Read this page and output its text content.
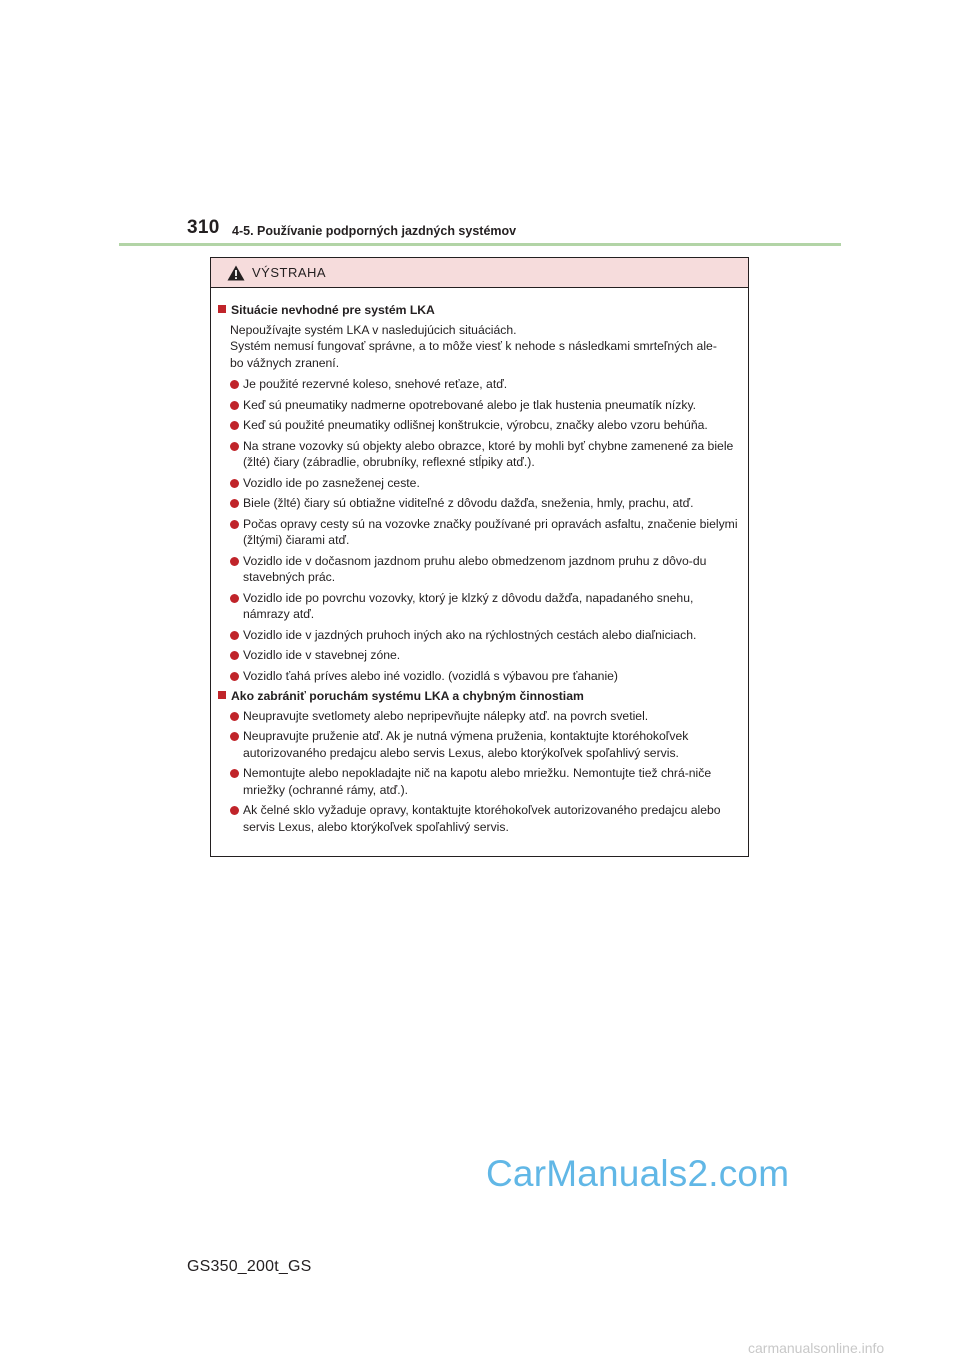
310 4-5. Používanie podporných jazdných systémov
VÝSTRAHA
Situácie nevhodné pre systém LKA
Nepoužívajte systém LKA v nasledujúcich situáciách.
Systém nemusí fungovať správne, a to môže viesť k nehode s následkami smrteľných ale-
bo vážnych zranení.
Je použité rezervné koleso, snehové reťaze, atď.
Keď sú pneumatiky nadmerne opotrebované alebo je tlak hustenia pneumatík nízky.
Keď sú použité pneumatiky odlišnej konštrukcie, výrobcu, značky alebo vzoru behúňa.
Na strane vozovky sú objekty alebo obrazce, ktoré by mohli byť chybne zamenené za biele (žlté) čiary (zábradlie, obrubníky, reflexné stĺpiky atď.).
Vozidlo ide po zasneženej ceste.
Biele (žlté) čiary sú obtiažne viditeľné z dôvodu dažďa, sneženia, hmly, prachu, atď.
Počas opravy cesty sú na vozovke značky používané pri opravách asfaltu, značenie bielymi (žltými) čiarami atď.
Vozidlo ide v dočasnom jazdnom pruhu alebo obmedzenom jazdnom pruhu z dôvo-du stavebných prác.
Vozidlo ide po povrchu vozovky, ktorý je klzký z dôvodu dažďa, napadaného snehu, námrazy atď.
Vozidlo ide v jazdných pruhoch iných ako na rýchlostných cestách alebo diaľniciach.
Vozidlo ide v stavebnej zóne.
Vozidlo ťahá príves alebo iné vozidlo. (vozidlá s výbavou pre ťahanie)
Ako zabrániť poruchám systému LKA a chybným činnostiam
Neupravujte svetlomety alebo nepripevňujte nálepky atď. na povrch svetiel.
Neupravujte pruženie atď. Ak je nutná výmena pruženia, kontaktujte ktoréhokoľvek autorizovaného predajcu alebo servis Lexus, alebo ktorýkoľvek spoľahlivý servis.
Nemontujte alebo nepokladajte nič na kapotu alebo mriežku. Nemontujte tiež chrá-niče mriežky (ochranné rámy, atď.).
Ak čelné sklo vyžaduje opravy, kontaktujte ktoréhokoľvek autorizovaného predajcu alebo servis Lexus, alebo ktorýkoľvek spoľahlivý servis.
CarManuals2.com
GS350_200t_GS
carmanualsonline.info
